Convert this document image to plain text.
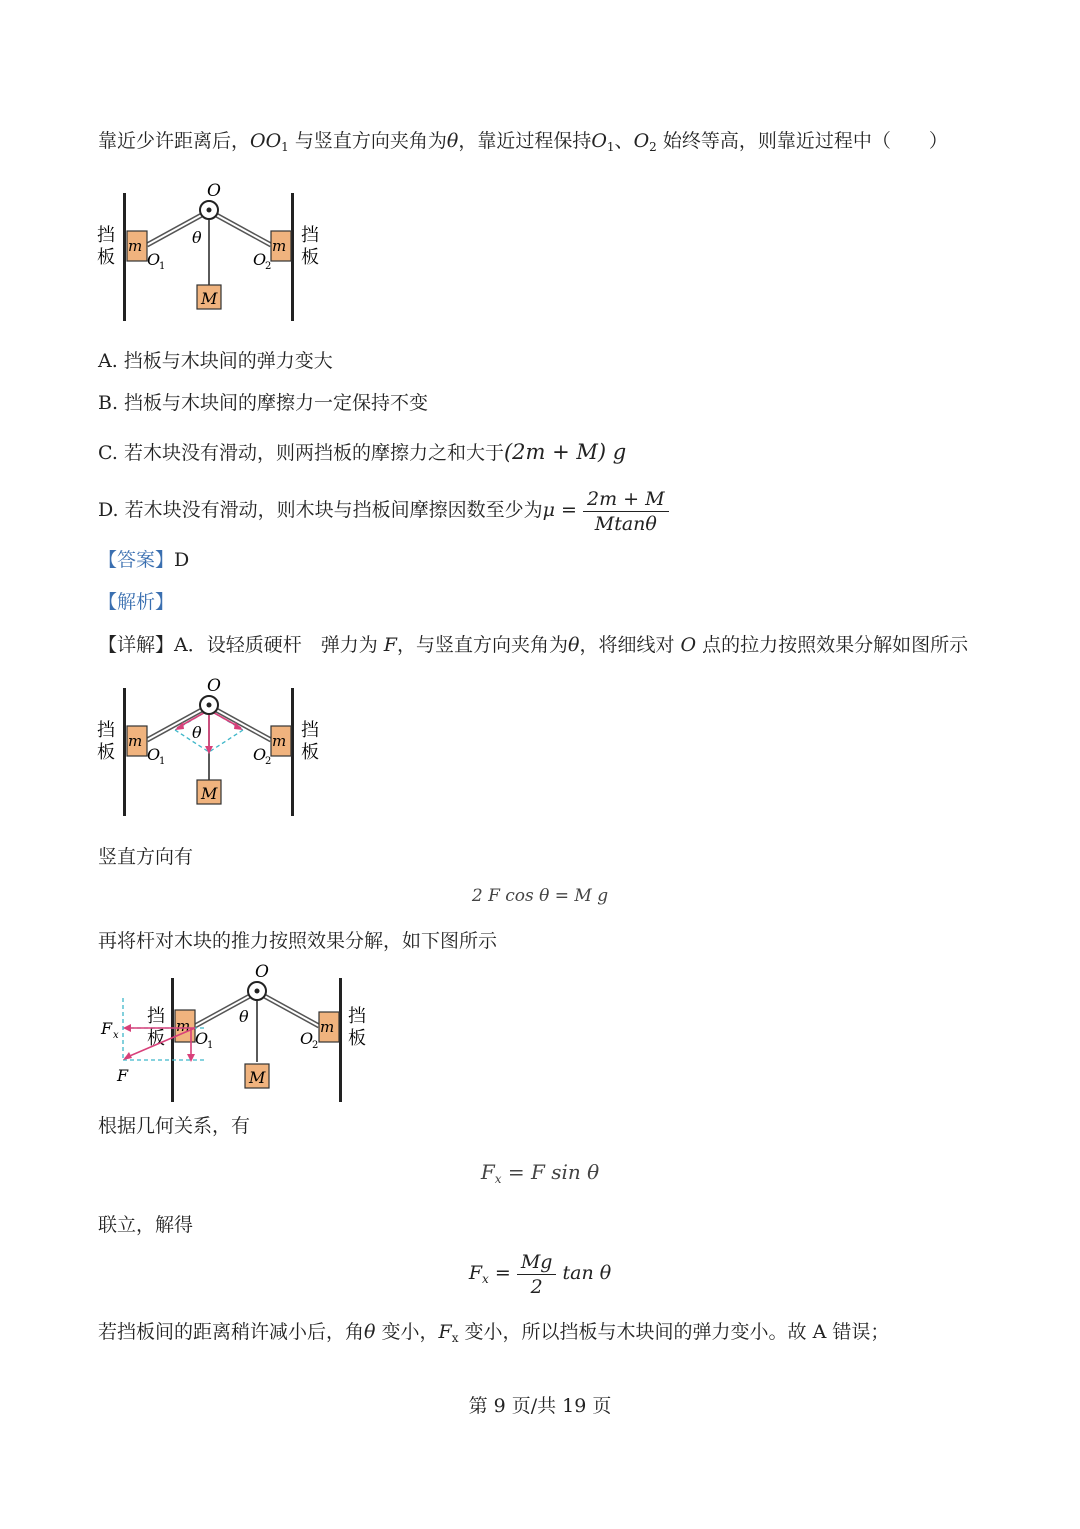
靠近少许距离后，$OO_1$ 与竖直方向夹角为θ，靠近过程保持$O_1$、$O_2$ 始终等高，则靠近过程中（　　）
挡
板
挡
板
m	m
O
θ
O
1	O
2
M
A. 挡板与木块间的弹力变大
B. 挡板与木块间的摩擦力一定保持不变
C. 若木块没有滑动，则两挡板的摩擦力之和大于(2m + M) g
D. 若木块没有滑动，则木块与挡板间摩擦因数至少为$\mu = \frac{2m + M}{Mtan\theta}$
【答案】D
【解析】
【详解】A．设轻质硬杆　弹力为 F，与竖直方向夹角为θ，将细线对 O 点的拉力按照效果分解如图所示
挡
板
挡
板
m	m
O
θ
O
1	O
2
M
竖直方向有
2 F cos θ = M g
再将杆对木块的推力按照效果分解，如下图所示
挡
板
挡
板
m	m
F x
F
O
θ
O
1	O
2
M
根据几何关系，有
$F_x = F$ sin θ
联立，解得
$F_x = \frac{Mg}{2}$ tan θ
若挡板间的距离稍许减小后，角θ 变小，$F_x$ 变小，所以挡板与木块间的弹力变小。故 A 错误；
第 9 页/共 19 页
